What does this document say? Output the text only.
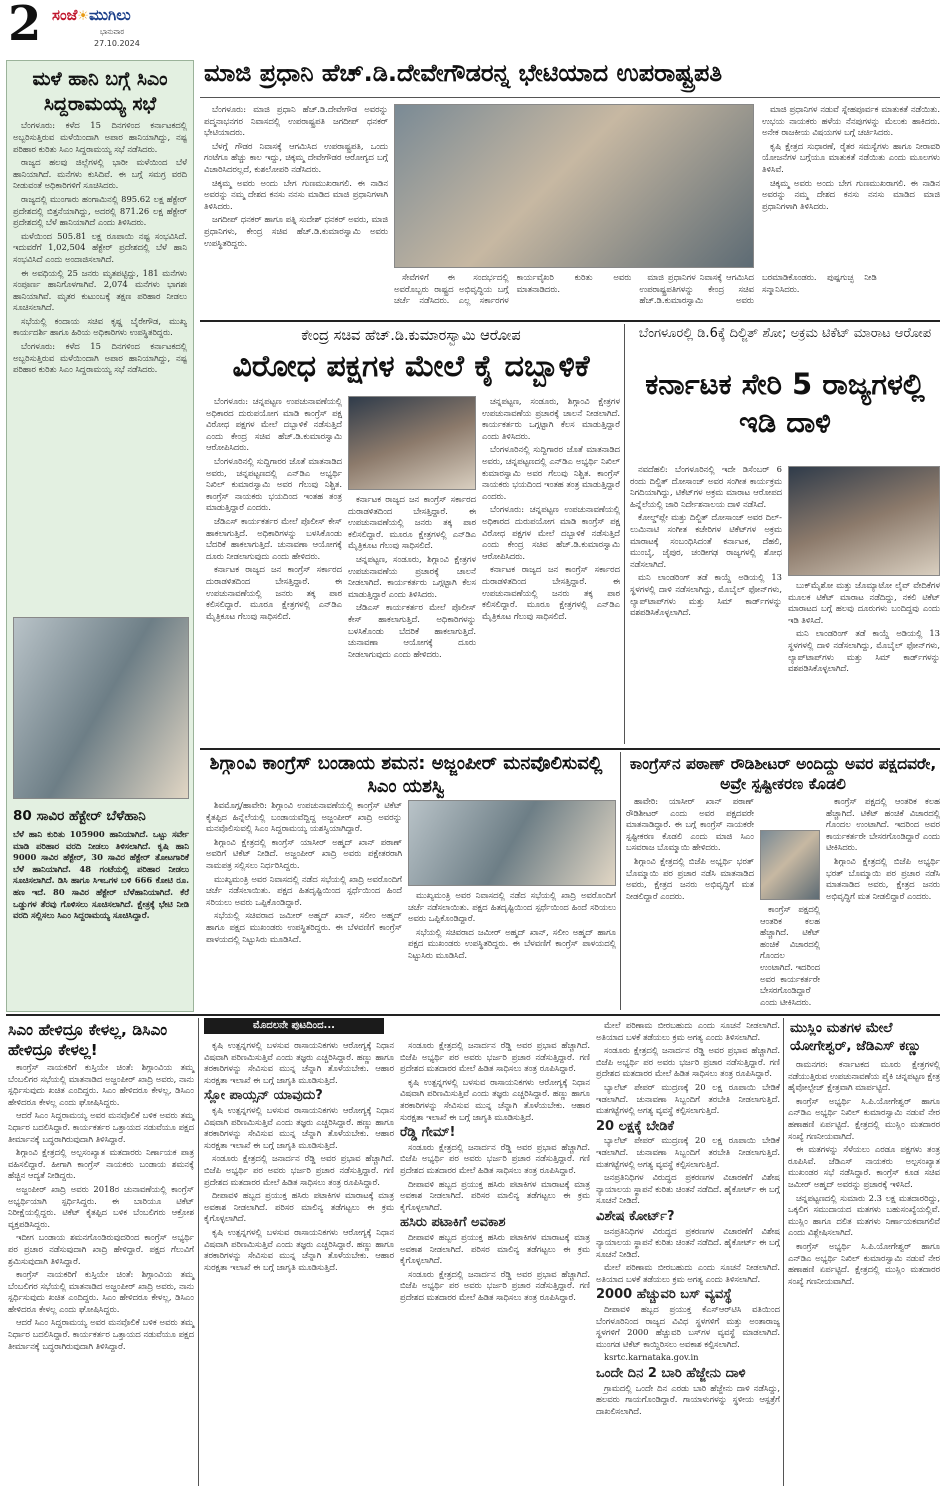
2 ಸಂಜೆ☀ಮುಗಿಲು
ಭಾನುವಾರ
27.10.2024
ಮಾಜಿ ಪ್ರಧಾನಿ ಹೆಚ್.ಡಿ.ದೇವೇಗೌಡರನ್ನ ಭೇಟಿಯಾದ ಉಪರಾಷ್ಟ್ರಪತಿ

ಬೆಂಗಳೂರು: ಮಾಜಿ ಪ್ರಧಾನಿ ಹೆಚ್.ಡಿ.ದೇವೇಗೌಡ ಅವರನ್ನು ಪದ್ಮನಾಭನಗರ ನಿವಾಸದಲ್ಲಿ ಉಪರಾಷ್ಟ್ರಪತಿ ಜಗದೀಪ್ ಧನಕರ್ ಭೇಟಿಯಾದರು.

ಬೆಳಗ್ಗೆ ಗೌಡರ ನಿವಾಸಕ್ಕೆ ಆಗಮಿಸಿದ ಉಪರಾಷ್ಟ್ರಪತಿ, ಒಂದು ಗಂಟೆಗೂ ಹೆಚ್ಚು ಕಾಲ ಇದ್ದು, ಚಿಕ್ಕಮ್ಮ ದೇವೇಗೌಡರ ಆರೋಗ್ಯದ ಬಗ್ಗೆ ವಿಚಾರಿಸಿದರಲ್ಲದೆ, ಕುಶಲೋಪರಿ ನಡೆಸಿದರು.

ಚಿಕ್ಕಮ್ಮ ಅವರು ಅಂದು ಬೇಗ ಗುಣಮುಖರಾಗಲಿ. ಈ ನಾಡಿನ ಅವರನ್ನು ನಮ್ಮ ದೇಶದ ಕನಸು ನನಸು ಮಾಡಿದ ಮಾಜಿ ಪ್ರಧಾನಿಗಳಾಗಿ ತಿಳಿಸಿದರು.

ಜಗದೀಪ್ ಧನಕರ್ ಹಾಗೂ ಪತ್ನಿ ಸುದೇಶ್ ಧನಕರ್ ಅವರು, ಮಾಜಿ ಪ್ರಧಾನಿಗಳು, ಕೇಂದ್ರ ಸಚಿವ ಹೆಚ್.ಡಿ.ಕುಮಾರಸ್ವಾಮಿ ಅವರು ಉಪಸ್ಥಿತರಿದ್ದರು.

ಸೇವೆಗಳಿಗೆ ಈ ಸಂದರ್ಭದಲ್ಲಿ ಅವರೊಬ್ಬರು ರಾಷ್ಟ್ರದ ಅಭಿವೃದ್ಧಿಯ ಬಗ್ಗೆ ಚರ್ಚೆ ನಡೆಸಿದರು. ಎಲ್ಲ ಸರ್ಕಾರಗಳ ಕಾರ್ಯವೈಖರಿ ಕುರಿತು ಅವರು ಮಾತನಾಡಿದರು.

ಮಾಜಿ ಪ್ರಧಾನಿಗಳ ನಿವಾಸಕ್ಕೆ ಆಗಮಿಸಿದ ಉಪರಾಷ್ಟ್ರಪತಿಗಳನ್ನು ಕೇಂದ್ರ ಸಚಿವ ಹೆಚ್.ಡಿ.ಕುಮಾರಸ್ವಾಮಿ ಅವರು ಬರಮಾಡಿಕೊಂಡರು. ಪುಷ್ಪಗುಚ್ಛ ನೀಡಿ ಸನ್ಮಾನಿಸಿದರು.

ಮಾಜಿ ಪ್ರಧಾನಿಗಳ ನಡುವೆ ಸ್ನೇಹಪೂರ್ವಕ ಮಾತುಕತೆ ನಡೆಯಿತು. ಉಭಯ ನಾಯಕರು ಹಳೆಯ ನೆನಪುಗಳನ್ನು ಮೆಲುಕು ಹಾಕಿದರು. ಅನೇಕ ರಾಜಕೀಯ ವಿಷಯಗಳ ಬಗ್ಗೆ ಚರ್ಚಿಸಿದರು.

ಕೃಷಿ ಕ್ಷೇತ್ರದ ಸುಧಾರಣೆ, ರೈತರ ಸಮಸ್ಯೆಗಳು ಹಾಗೂ ನೀರಾವರಿ ಯೋಜನೆಗಳ ಬಗ್ಗೆಯೂ ಮಾತುಕತೆ ನಡೆಯಿತು ಎಂದು ಮೂಲಗಳು ತಿಳಿಸಿವೆ.

ಚಿಕ್ಕಮ್ಮ ಅವರು ಅಂದು ಬೇಗ ಗುಣಮುಖರಾಗಲಿ. ಈ ನಾಡಿನ ಅವರನ್ನು ನಮ್ಮ ದೇಶದ ಕನಸು ನನಸು ಮಾಡಿದ ಮಾಜಿ ಪ್ರಧಾನಿಗಳಾಗಿ ತಿಳಿಸಿದರು.

ಮಳೆ ಹಾನಿ ಬಗ್ಗೆ ಸಿಎಂ ಸಿದ್ದರಾಮಯ್ಯ ಸಭೆ

ಬೆಂಗಳೂರು: ಕಳೆದ 15 ದಿನಗಳಿಂದ ಕರ್ನಾಟಕದಲ್ಲಿ ಅಬ್ಬರಿಸುತ್ತಿರುವ ಮಳೆಯಿಂದಾಗಿ ಅಪಾರ ಹಾನಿಯಾಗಿದ್ದು, ನಷ್ಟ ಪರಿಹಾರ ಕುರಿತು ಸಿಎಂ ಸಿದ್ದರಾಮಯ್ಯ ಸಭೆ ನಡೆಸಿದರು.

ರಾಜ್ಯದ ಹಲವು ಜಿಲ್ಲೆಗಳಲ್ಲಿ ಭಾರೀ ಮಳೆಯಿಂದ ಬೆಳೆ ಹಾನಿಯಾಗಿದೆ. ಮನೆಗಳು ಕುಸಿದಿವೆ. ಈ ಬಗ್ಗೆ ಸಮಗ್ರ ವರದಿ ನೀಡುವಂತೆ ಅಧಿಕಾರಿಗಳಿಗೆ ಸೂಚಿಸಿದರು.

ರಾಜ್ಯದಲ್ಲಿ ಮುಂಗಾರು ಹಂಗಾಮಿನಲ್ಲಿ 895.62 ಲಕ್ಷ ಹೆಕ್ಟೇರ್ ಪ್ರದೇಶದಲ್ಲಿ ಬಿತ್ತನೆಯಾಗಿದ್ದು, ಅದರಲ್ಲಿ 871.26 ಲಕ್ಷ ಹೆಕ್ಟೇರ್ ಪ್ರದೇಶದಲ್ಲಿ ಬೆಳೆ ಹಾನಿಯಾಗಿದೆ ಎಂದು ತಿಳಿಸಿದರು.

ಮಳೆಯಿಂದ 505.81 ಲಕ್ಷ ರೂಪಾಯಿ ನಷ್ಟ ಸಂಭವಿಸಿದೆ. ಇದುವರೆಗೆ 1,02,504 ಹೆಕ್ಟೇರ್ ಪ್ರದೇಶದಲ್ಲಿ ಬೆಳೆ ಹಾನಿ ಸಂಭವಿಸಿದೆ ಎಂದು ಅಂದಾಜಿಸಲಾಗಿದೆ.

ಈ ಅವಧಿಯಲ್ಲಿ 25 ಜನರು ಮೃತಪಟ್ಟಿದ್ದು, 181 ಮನೆಗಳು ಸಂಪೂರ್ಣ ಹಾನಿಗೊಳಗಾಗಿವೆ. 2,074 ಮನೆಗಳು ಭಾಗಶಃ ಹಾನಿಯಾಗಿವೆ. ಮೃತರ ಕುಟುಂಬಕ್ಕೆ ತಕ್ಷಣ ಪರಿಹಾರ ನೀಡಲು ಸೂಚಿಸಲಾಗಿದೆ.

ಸಭೆಯಲ್ಲಿ ಕಂದಾಯ ಸಚಿವ ಕೃಷ್ಣ ಬೈರೇಗೌಡ, ಮುಖ್ಯ ಕಾರ್ಯದರ್ಶಿ ಹಾಗೂ ಹಿರಿಯ ಅಧಿಕಾರಿಗಳು ಉಪಸ್ಥಿತರಿದ್ದರು.

ಬೆಂಗಳೂರು: ಕಳೆದ 15 ದಿನಗಳಿಂದ ಕರ್ನಾಟಕದಲ್ಲಿ ಅಬ್ಬರಿಸುತ್ತಿರುವ ಮಳೆಯಿಂದಾಗಿ ಅಪಾರ ಹಾನಿಯಾಗಿದ್ದು, ನಷ್ಟ ಪರಿಹಾರ ಕುರಿತು ಸಿಎಂ ಸಿದ್ದರಾಮಯ್ಯ ಸಭೆ ನಡೆಸಿದರು.

80 ಸಾವಿರ ಹೆಕ್ಟೇರ್ ಬೆಳೆಹಾನಿ
ಬೆಳೆ ಹಾನಿ ಕುರಿತು 105900 ಹಾನಿಯಾಗಿದೆ. ಒಟ್ಟು ಸರ್ವೇ ಮಾಡಿ ಪರಿಹಾರ ವರದಿ ನೀಡಲು ತಿಳಿಸಲಾಗಿದೆ. ಕೃಷಿ ಹಾನಿ 9000 ಸಾವಿರ ಹೆಕ್ಟೇರ್, 30 ಸಾವಿರ ಹೆಕ್ಟೇರ್ ತೋಟಗಾರಿಕೆ ಬೆಳೆ ಹಾನಿಯಾಗಿದೆ. 48 ಗಂಟೆಯಲ್ಲಿ ಪರಿಹಾರ ನೀಡಲು ಸೂಚಿಸಲಾಗಿದೆ. ಡಿಸಿ ಹಾಗೂ ಸಿಇಒಗಳ ಬಳಿ 666 ಕೋಟಿ ರೂ. ಹಣ ಇದೆ. 80 ಸಾವಿರ ಹೆಕ್ಟೇರ್ ಬೆಳೆಹಾನಿಯಾಗಿದೆ. ಕೆರೆ ಒಡ್ಡುಗಳ ತೆರವು ಗೊಳಿಸಲು ಸೂಚಿಸಲಾಗಿದೆ. ಕ್ಷೇತ್ರಕ್ಕೆ ಭೇಟಿ ನೀಡಿ ವರದಿ ಸಲ್ಲಿಸಲು ಸಿಎಂ ಸಿದ್ದರಾಮಯ್ಯ ಸೂಚಿಸಿದ್ದಾರೆ.
ಕೇಂದ್ರ ಸಚಿವ ಹೆಚ್.ಡಿ.ಕುಮಾರಸ್ವಾಮಿ ಆರೋಪ
ವಿರೋಧ ಪಕ್ಷಗಳ ಮೇಲೆ ಕೈ ದಬ್ಬಾಳಿಕೆ

ಬೆಂಗಳೂರು: ಚನ್ನಪಟ್ಟಣ ಉಪಚುನಾವಣೆಯಲ್ಲಿ ಅಧಿಕಾರದ ದುರುಪಯೋಗ ಮಾಡಿ ಕಾಂಗ್ರೆಸ್ ಪಕ್ಷ ವಿರೋಧ ಪಕ್ಷಗಳ ಮೇಲೆ ದಬ್ಬಾಳಿಕೆ ನಡೆಸುತ್ತಿದೆ ಎಂದು ಕೇಂದ್ರ ಸಚಿವ ಹೆಚ್.ಡಿ.ಕುಮಾರಸ್ವಾಮಿ ಆರೋಪಿಸಿದರು.

ಬೆಂಗಳೂರಿನಲ್ಲಿ ಸುದ್ದಿಗಾರರ ಜೊತೆ ಮಾತನಾಡಿದ ಅವರು, ಚನ್ನಪಟ್ಟಣದಲ್ಲಿ ಎನ್‌ಡಿಎ ಅಭ್ಯರ್ಥಿ ನಿಖಿಲ್ ಕುಮಾರಸ್ವಾಮಿ ಅವರ ಗೆಲುವು ನಿಶ್ಚಿತ. ಕಾಂಗ್ರೆಸ್ ನಾಯಕರು ಭಯದಿಂದ ಇಂತಹ ತಂತ್ರ ಮಾಡುತ್ತಿದ್ದಾರೆ ಎಂದರು.

ಜೆಡಿಎಸ್ ಕಾರ್ಯಕರ್ತರ ಮೇಲೆ ಪೊಲೀಸ್ ಕೇಸ್ ಹಾಕಲಾಗುತ್ತಿದೆ. ಅಧಿಕಾರಿಗಳನ್ನು ಬಳಸಿಕೊಂಡು ಬೆದರಿಕೆ ಹಾಕಲಾಗುತ್ತಿದೆ. ಚುನಾವಣಾ ಆಯೋಗಕ್ಕೆ ದೂರು ನೀಡಲಾಗುವುದು ಎಂದು ಹೇಳಿದರು.

ಕರ್ನಾಟಕ ರಾಜ್ಯದ ಜನ ಕಾಂಗ್ರೆಸ್ ಸರ್ಕಾರದ ದುರಾಡಳಿತದಿಂದ ಬೇಸತ್ತಿದ್ದಾರೆ. ಈ ಉಪಚುನಾವಣೆಯಲ್ಲಿ ಜನರು ತಕ್ಕ ಪಾಠ ಕಲಿಸಲಿದ್ದಾರೆ. ಮೂರೂ ಕ್ಷೇತ್ರಗಳಲ್ಲಿ ಎನ್‌ಡಿಎ ಮೈತ್ರಿಕೂಟ ಗೆಲುವು ಸಾಧಿಸಲಿದೆ.

ಕರ್ನಾಟಕ ರಾಜ್ಯದ ಜನ ಕಾಂಗ್ರೆಸ್ ಸರ್ಕಾರದ ದುರಾಡಳಿತದಿಂದ ಬೇಸತ್ತಿದ್ದಾರೆ. ಈ ಉಪಚುನಾವಣೆಯಲ್ಲಿ ಜನರು ತಕ್ಕ ಪಾಠ ಕಲಿಸಲಿದ್ದಾರೆ. ಮೂರೂ ಕ್ಷೇತ್ರಗಳಲ್ಲಿ ಎನ್‌ಡಿಎ ಮೈತ್ರಿಕೂಟ ಗೆಲುವು ಸಾಧಿಸಲಿದೆ.

ಚನ್ನಪಟ್ಟಣ, ಸಂಡೂರು, ಶಿಗ್ಗಾಂವಿ ಕ್ಷೇತ್ರಗಳ ಉಪಚುನಾವಣೆಯ ಪ್ರಚಾರಕ್ಕೆ ಚಾಲನೆ ನೀಡಲಾಗಿದೆ. ಕಾರ್ಯಕರ್ತರು ಒಗ್ಗಟ್ಟಾಗಿ ಕೆಲಸ ಮಾಡುತ್ತಿದ್ದಾರೆ ಎಂದು ತಿಳಿಸಿದರು.

ಜೆಡಿಎಸ್ ಕಾರ್ಯಕರ್ತರ ಮೇಲೆ ಪೊಲೀಸ್ ಕೇಸ್ ಹಾಕಲಾಗುತ್ತಿದೆ. ಅಧಿಕಾರಿಗಳನ್ನು ಬಳಸಿಕೊಂಡು ಬೆದರಿಕೆ ಹಾಕಲಾಗುತ್ತಿದೆ. ಚುನಾವಣಾ ಆಯೋಗಕ್ಕೆ ದೂರು ನೀಡಲಾಗುವುದು ಎಂದು ಹೇಳಿದರು.

ಚನ್ನಪಟ್ಟಣ, ಸಂಡೂರು, ಶಿಗ್ಗಾಂವಿ ಕ್ಷೇತ್ರಗಳ ಉಪಚುನಾವಣೆಯ ಪ್ರಚಾರಕ್ಕೆ ಚಾಲನೆ ನೀಡಲಾಗಿದೆ. ಕಾರ್ಯಕರ್ತರು ಒಗ್ಗಟ್ಟಾಗಿ ಕೆಲಸ ಮಾಡುತ್ತಿದ್ದಾರೆ ಎಂದು ತಿಳಿಸಿದರು.

ಬೆಂಗಳೂರಿನಲ್ಲಿ ಸುದ್ದಿಗಾರರ ಜೊತೆ ಮಾತನಾಡಿದ ಅವರು, ಚನ್ನಪಟ್ಟಣದಲ್ಲಿ ಎನ್‌ಡಿಎ ಅಭ್ಯರ್ಥಿ ನಿಖಿಲ್ ಕುಮಾರಸ್ವಾಮಿ ಅವರ ಗೆಲುವು ನಿಶ್ಚಿತ. ಕಾಂಗ್ರೆಸ್ ನಾಯಕರು ಭಯದಿಂದ ಇಂತಹ ತಂತ್ರ ಮಾಡುತ್ತಿದ್ದಾರೆ ಎಂದರು.

ಬೆಂಗಳೂರು: ಚನ್ನಪಟ್ಟಣ ಉಪಚುನಾವಣೆಯಲ್ಲಿ ಅಧಿಕಾರದ ದುರುಪಯೋಗ ಮಾಡಿ ಕಾಂಗ್ರೆಸ್ ಪಕ್ಷ ವಿರೋಧ ಪಕ್ಷಗಳ ಮೇಲೆ ದಬ್ಬಾಳಿಕೆ ನಡೆಸುತ್ತಿದೆ ಎಂದು ಕೇಂದ್ರ ಸಚಿವ ಹೆಚ್.ಡಿ.ಕುಮಾರಸ್ವಾಮಿ ಆರೋಪಿಸಿದರು.

ಕರ್ನಾಟಕ ರಾಜ್ಯದ ಜನ ಕಾಂಗ್ರೆಸ್ ಸರ್ಕಾರದ ದುರಾಡಳಿತದಿಂದ ಬೇಸತ್ತಿದ್ದಾರೆ. ಈ ಉಪಚುನಾವಣೆಯಲ್ಲಿ ಜನರು ತಕ್ಕ ಪಾಠ ಕಲಿಸಲಿದ್ದಾರೆ. ಮೂರೂ ಕ್ಷೇತ್ರಗಳಲ್ಲಿ ಎನ್‌ಡಿಎ ಮೈತ್ರಿಕೂಟ ಗೆಲುವು ಸಾಧಿಸಲಿದೆ.

ಬೆಂಗಳೂರಲ್ಲಿ ಡಿ.6ಕ್ಕೆ ದಿಲ್ಜಿತ್ ಶೋ; ಅಕ್ರಮ ಟಿಕೆಟ್ ಮಾರಾಟ ಆರೋಪ
ಕರ್ನಾಟಕ ಸೇರಿ 5 ರಾಜ್ಯಗಳಲ್ಲಿ ಇಡಿ ದಾಳಿ

ನವದೆಹಲಿ: ಬೆಂಗಳೂರಿನಲ್ಲಿ ಇದೇ ಡಿಸೆಂಬರ್ 6 ರಂದು ದಿಲ್ಜಿತ್ ದೋಸಾಂಜ್ ಅವರ ಸಂಗೀತ ಕಾರ್ಯಕ್ರಮ ನಿಗದಿಯಾಗಿದ್ದು, ಟಿಕೆಟ್‌ಗಳ ಅಕ್ರಮ ಮಾರಾಟ ಆರೋಪದ ಹಿನ್ನೆಲೆಯಲ್ಲಿ ಜಾರಿ ನಿರ್ದೇಶನಾಲಯ ದಾಳಿ ನಡೆಸಿದೆ.

ಕೋಲ್ಡ್‌ಪ್ಲೇ ಮತ್ತು ದಿಲ್ಜಿತ್ ದೋಸಾಂಜ್ ಅವರ ದಿಲ್-ಲುಮಿನಾಟಿ ಸಂಗೀತ ಕಚೇರಿಗಳ ಟಿಕೆಟ್‌ಗಳ ಅಕ್ರಮ ಮಾರಾಟಕ್ಕೆ ಸಂಬಂಧಿಸಿದಂತೆ ಕರ್ನಾಟಕ, ದೆಹಲಿ, ಮುಂಬೈ, ಜೈಪುರ, ಚಂಡೀಗಢ ರಾಜ್ಯಗಳಲ್ಲಿ ಶೋಧ ನಡೆಸಲಾಗಿದೆ.

ಮನಿ ಲಾಂಡರಿಂಗ್ ತಡೆ ಕಾಯ್ದೆ ಅಡಿಯಲ್ಲಿ 13 ಸ್ಥಳಗಳಲ್ಲಿ ದಾಳಿ ನಡೆಸಲಾಗಿದ್ದು, ಮೊಬೈಲ್ ಫೋನ್‌ಗಳು, ಲ್ಯಾಪ್‌ಟಾಪ್‌ಗಳು ಮತ್ತು ಸಿಮ್ ಕಾರ್ಡ್‌ಗಳನ್ನು ವಶಪಡಿಸಿಕೊಳ್ಳಲಾಗಿದೆ.

ಬುಕ್‌ಮೈಶೋ ಮತ್ತು ಜೊಮ್ಯಾಟೋ ಲೈವ್ ವೇದಿಕೆಗಳ ಮೂಲಕ ಟಿಕೆಟ್ ಮಾರಾಟ ನಡೆದಿದ್ದು, ನಕಲಿ ಟಿಕೆಟ್ ಮಾರಾಟದ ಬಗ್ಗೆ ಹಲವು ದೂರುಗಳು ಬಂದಿದ್ದವು ಎಂದು ಇಡಿ ತಿಳಿಸಿದೆ.

ಮನಿ ಲಾಂಡರಿಂಗ್ ತಡೆ ಕಾಯ್ದೆ ಅಡಿಯಲ್ಲಿ 13 ಸ್ಥಳಗಳಲ್ಲಿ ದಾಳಿ ನಡೆಸಲಾಗಿದ್ದು, ಮೊಬೈಲ್ ಫೋನ್‌ಗಳು, ಲ್ಯಾಪ್‌ಟಾಪ್‌ಗಳು ಮತ್ತು ಸಿಮ್ ಕಾರ್ಡ್‌ಗಳನ್ನು ವಶಪಡಿಸಿಕೊಳ್ಳಲಾಗಿದೆ.

ಶಿಗ್ಗಾಂವಿ ಕಾಂಗ್ರೆಸ್ ಬಂಡಾಯ ಶಮನ: ಅಜ್ಜಂಪೀರ್ ಮನವೊಲಿಸುವಲ್ಲಿ ಸಿಎಂ ಯಶಸ್ವಿ

ಶಿವಮೊಗ್ಗ/ಹಾವೇರಿ: ಶಿಗ್ಗಾಂವಿ ಉಪಚುನಾವಣೆಯಲ್ಲಿ ಕಾಂಗ್ರೆಸ್ ಟಿಕೆಟ್ ಕೈತಪ್ಪಿದ ಹಿನ್ನೆಲೆಯಲ್ಲಿ ಬಂಡಾಯವೆದ್ದಿದ್ದ ಅಜ್ಜಂಪೀರ್ ಖಾದ್ರಿ ಅವರನ್ನು ಮನವೊಲಿಸುವಲ್ಲಿ ಸಿಎಂ ಸಿದ್ದರಾಮಯ್ಯ ಯಶಸ್ವಿಯಾಗಿದ್ದಾರೆ.

ಶಿಗ್ಗಾಂವಿ ಕ್ಷೇತ್ರದಲ್ಲಿ ಕಾಂಗ್ರೆಸ್ ಯಾಸೀರ್ ಅಹ್ಮದ್ ಖಾನ್ ಪಠಾಣ್ ಅವರಿಗೆ ಟಿಕೆಟ್ ನೀಡಿದೆ. ಅಜ್ಜಂಪೀರ್ ಖಾದ್ರಿ ಅವರು ಪಕ್ಷೇತರರಾಗಿ ನಾಮಪತ್ರ ಸಲ್ಲಿಸಲು ನಿರ್ಧರಿಸಿದ್ದರು.

ಮುಖ್ಯಮಂತ್ರಿ ಅವರ ನಿವಾಸದಲ್ಲಿ ನಡೆದ ಸಭೆಯಲ್ಲಿ ಖಾದ್ರಿ ಅವರೊಂದಿಗೆ ಚರ್ಚೆ ನಡೆಸಲಾಯಿತು. ಪಕ್ಷದ ಹಿತದೃಷ್ಟಿಯಿಂದ ಸ್ಪರ್ಧೆಯಿಂದ ಹಿಂದೆ ಸರಿಯಲು ಅವರು ಒಪ್ಪಿಕೊಂಡಿದ್ದಾರೆ.

ಸಭೆಯಲ್ಲಿ ಸಚಿವರಾದ ಜಮೀರ್ ಅಹ್ಮದ್ ಖಾನ್, ಸಲೀಂ ಅಹ್ಮದ್ ಹಾಗೂ ಪಕ್ಷದ ಮುಖಂಡರು ಉಪಸ್ಥಿತರಿದ್ದರು. ಈ ಬೆಳವಣಿಗೆ ಕಾಂಗ್ರೆಸ್ ಪಾಳಯದಲ್ಲಿ ನಿಟ್ಟುಸಿರು ಮೂಡಿಸಿದೆ.

ಮುಖ್ಯಮಂತ್ರಿ ಅವರ ನಿವಾಸದಲ್ಲಿ ನಡೆದ ಸಭೆಯಲ್ಲಿ ಖಾದ್ರಿ ಅವರೊಂದಿಗೆ ಚರ್ಚೆ ನಡೆಸಲಾಯಿತು. ಪಕ್ಷದ ಹಿತದೃಷ್ಟಿಯಿಂದ ಸ್ಪರ್ಧೆಯಿಂದ ಹಿಂದೆ ಸರಿಯಲು ಅವರು ಒಪ್ಪಿಕೊಂಡಿದ್ದಾರೆ.

ಸಭೆಯಲ್ಲಿ ಸಚಿವರಾದ ಜಮೀರ್ ಅಹ್ಮದ್ ಖಾನ್, ಸಲೀಂ ಅಹ್ಮದ್ ಹಾಗೂ ಪಕ್ಷದ ಮುಖಂಡರು ಉಪಸ್ಥಿತರಿದ್ದರು. ಈ ಬೆಳವಣಿಗೆ ಕಾಂಗ್ರೆಸ್ ಪಾಳಯದಲ್ಲಿ ನಿಟ್ಟುಸಿರು ಮೂಡಿಸಿದೆ.

ಕಾಂಗ್ರೆಸ್‌ನ ಪಠಾಣ್ ರೌಡಿಶೀಟರ್ ಅಂದಿದ್ದು ಅವರ ಪಕ್ಷದವರೇ, ಅವ್ರೇ ಸ್ಪಷ್ಟೀಕರಣ ಕೊಡಲಿ

ಹಾವೇರಿ: ಯಾಸೀರ್ ಖಾನ್ ಪಠಾಣ್ ರೌಡಿಶೀಟರ್ ಎಂದು ಅವರ ಪಕ್ಷದವರೇ ಮಾತನಾಡಿದ್ದಾರೆ. ಈ ಬಗ್ಗೆ ಕಾಂಗ್ರೆಸ್ ನಾಯಕರೇ ಸ್ಪಷ್ಟೀಕರಣ ಕೊಡಲಿ ಎಂದು ಮಾಜಿ ಸಿಎಂ ಬಸವರಾಜ ಬೊಮ್ಮಾಯಿ ಹೇಳಿದರು.

ಶಿಗ್ಗಾಂವಿ ಕ್ಷೇತ್ರದಲ್ಲಿ ಬಿಜೆಪಿ ಅಭ್ಯರ್ಥಿ ಭರತ್ ಬೊಮ್ಮಾಯಿ ಪರ ಪ್ರಚಾರ ನಡೆಸಿ ಮಾತನಾಡಿದ ಅವರು, ಕ್ಷೇತ್ರದ ಜನರು ಅಭಿವೃದ್ಧಿಗೆ ಮತ ನೀಡಲಿದ್ದಾರೆ ಎಂದರು.

ಕಾಂಗ್ರೆಸ್ ಪಕ್ಷದಲ್ಲಿ ಆಂತರಿಕ ಕಲಹ ಹೆಚ್ಚಾಗಿದೆ. ಟಿಕೆಟ್ ಹಂಚಿಕೆ ವಿಚಾರದಲ್ಲಿ ಗೊಂದಲ ಉಂಟಾಗಿದೆ. ಇದರಿಂದ ಅವರ ಕಾರ್ಯಕರ್ತರೇ ಬೇಸರಗೊಂಡಿದ್ದಾರೆ ಎಂದು ಟೀಕಿಸಿದರು.

ಕಾಂಗ್ರೆಸ್ ಪಕ್ಷದಲ್ಲಿ ಆಂತರಿಕ ಕಲಹ ಹೆಚ್ಚಾಗಿದೆ. ಟಿಕೆಟ್ ಹಂಚಿಕೆ ವಿಚಾರದಲ್ಲಿ ಗೊಂದಲ ಉಂಟಾಗಿದೆ. ಇದರಿಂದ ಅವರ ಕಾರ್ಯಕರ್ತರೇ ಬೇಸರಗೊಂಡಿದ್ದಾರೆ ಎಂದು ಟೀಕಿಸಿದರು.

ಶಿಗ್ಗಾಂವಿ ಕ್ಷೇತ್ರದಲ್ಲಿ ಬಿಜೆಪಿ ಅಭ್ಯರ್ಥಿ ಭರತ್ ಬೊಮ್ಮಾಯಿ ಪರ ಪ್ರಚಾರ ನಡೆಸಿ ಮಾತನಾಡಿದ ಅವರು, ಕ್ಷೇತ್ರದ ಜನರು ಅಭಿವೃದ್ಧಿಗೆ ಮತ ನೀಡಲಿದ್ದಾರೆ ಎಂದರು.

ಸಿಎಂ ಹೇಳಿದ್ರೂ ಕೇಳಲ್ಲ, ಡಿಸಿಎಂ ಹೇಳಿದ್ರೂ ಕೇಳಲ್ಲ!

ಕಾಂಗ್ರೆಸ್ ನಾಯಕರಿಗೆ ಕುಸ್ತಿಯೇ ಚಿಂತೆ: ಶಿಗ್ಗಾಂವಿಯ ತಮ್ಮ ಬೆಂಬಲಿಗರ ಸಭೆಯಲ್ಲಿ ಮಾತನಾಡಿದ ಅಜ್ಜಂಪೀರ್ ಖಾದ್ರಿ ಅವರು, ನಾನು ಸ್ಪರ್ಧಿಸುವುದು ಖಚಿತ ಎಂದಿದ್ದರು. ಸಿಎಂ ಹೇಳಿದರೂ ಕೇಳಲ್ಲ, ಡಿಸಿಎಂ ಹೇಳಿದರೂ ಕೇಳಲ್ಲ ಎಂದು ಘೋಷಿಸಿದ್ದರು.

ಆದರೆ ಸಿಎಂ ಸಿದ್ದರಾಮಯ್ಯ ಅವರ ಮನವೊಲಿಕೆ ಬಳಿಕ ಅವರು ತಮ್ಮ ನಿರ್ಧಾರ ಬದಲಿಸಿದ್ದಾರೆ. ಕಾರ್ಯಕರ್ತರ ಒತ್ತಾಯದ ನಡುವೆಯೂ ಪಕ್ಷದ ತೀರ್ಮಾನಕ್ಕೆ ಬದ್ಧರಾಗಿರುವುದಾಗಿ ತಿಳಿಸಿದ್ದಾರೆ.

ಶಿಗ್ಗಾಂವಿ ಕ್ಷೇತ್ರದಲ್ಲಿ ಅಲ್ಪಸಂಖ್ಯಾತ ಮತದಾರರು ನಿರ್ಣಾಯಕ ಪಾತ್ರ ವಹಿಸಲಿದ್ದಾರೆ. ಹೀಗಾಗಿ ಕಾಂಗ್ರೆಸ್ ನಾಯಕರು ಬಂಡಾಯ ಶಮನಕ್ಕೆ ಹೆಚ್ಚಿನ ಆದ್ಯತೆ ನೀಡಿದ್ದರು.

ಅಜ್ಜಂಪೀರ್ ಖಾದ್ರಿ ಅವರು 2018ರ ಚುನಾವಣೆಯಲ್ಲಿ ಕಾಂಗ್ರೆಸ್ ಅಭ್ಯರ್ಥಿಯಾಗಿ ಸ್ಪರ್ಧಿಸಿದ್ದರು. ಈ ಬಾರಿಯೂ ಟಿಕೆಟ್ ನಿರೀಕ್ಷೆಯಲ್ಲಿದ್ದರು. ಟಿಕೆಟ್ ಕೈತಪ್ಪಿದ ಬಳಿಕ ಬೆಂಬಲಿಗರು ಆಕ್ರೋಶ ವ್ಯಕ್ತಪಡಿಸಿದ್ದರು.

ಇದೀಗ ಬಂಡಾಯ ಶಮನಗೊಂಡಿರುವುದರಿಂದ ಕಾಂಗ್ರೆಸ್ ಅಭ್ಯರ್ಥಿ ಪರ ಪ್ರಚಾರ ನಡೆಸುವುದಾಗಿ ಖಾದ್ರಿ ಹೇಳಿದ್ದಾರೆ. ಪಕ್ಷದ ಗೆಲುವಿಗೆ ಶ್ರಮಿಸುವುದಾಗಿ ತಿಳಿಸಿದ್ದಾರೆ.

ಕಾಂಗ್ರೆಸ್ ನಾಯಕರಿಗೆ ಕುಸ್ತಿಯೇ ಚಿಂತೆ: ಶಿಗ್ಗಾಂವಿಯ ತಮ್ಮ ಬೆಂಬಲಿಗರ ಸಭೆಯಲ್ಲಿ ಮಾತನಾಡಿದ ಅಜ್ಜಂಪೀರ್ ಖಾದ್ರಿ ಅವರು, ನಾನು ಸ್ಪರ್ಧಿಸುವುದು ಖಚಿತ ಎಂದಿದ್ದರು. ಸಿಎಂ ಹೇಳಿದರೂ ಕೇಳಲ್ಲ, ಡಿಸಿಎಂ ಹೇಳಿದರೂ ಕೇಳಲ್ಲ ಎಂದು ಘೋಷಿಸಿದ್ದರು.

ಆದರೆ ಸಿಎಂ ಸಿದ್ದರಾಮಯ್ಯ ಅವರ ಮನವೊಲಿಕೆ ಬಳಿಕ ಅವರು ತಮ್ಮ ನಿರ್ಧಾರ ಬದಲಿಸಿದ್ದಾರೆ. ಕಾರ್ಯಕರ್ತರ ಒತ್ತಾಯದ ನಡುವೆಯೂ ಪಕ್ಷದ ತೀರ್ಮಾನಕ್ಕೆ ಬದ್ಧರಾಗಿರುವುದಾಗಿ ತಿಳಿಸಿದ್ದಾರೆ.

ಮೊದಲನೇ ಪುಟದಿಂದ...

ಕೃಷಿ ಉತ್ಪನ್ನಗಳಲ್ಲಿ ಬಳಸುವ ರಾಸಾಯನಿಕಗಳು ಆರೋಗ್ಯಕ್ಕೆ ನಿಧಾನ ವಿಷವಾಗಿ ಪರಿಣಮಿಸುತ್ತಿವೆ ಎಂದು ತಜ್ಞರು ಎಚ್ಚರಿಸಿದ್ದಾರೆ. ಹಣ್ಣು ಹಾಗೂ ತರಕಾರಿಗಳನ್ನು ಸೇವಿಸುವ ಮುನ್ನ ಚೆನ್ನಾಗಿ ತೊಳೆಯಬೇಕು. ಆಹಾರ ಸುರಕ್ಷತಾ ಇಲಾಖೆ ಈ ಬಗ್ಗೆ ಜಾಗೃತಿ ಮೂಡಿಸುತ್ತಿದೆ.

ಸ್ಲೋ ಪಾಯ್ಸನ್ ಯಾವುದು?

ಕೃಷಿ ಉತ್ಪನ್ನಗಳಲ್ಲಿ ಬಳಸುವ ರಾಸಾಯನಿಕಗಳು ಆರೋಗ್ಯಕ್ಕೆ ನಿಧಾನ ವಿಷವಾಗಿ ಪರಿಣಮಿಸುತ್ತಿವೆ ಎಂದು ತಜ್ಞರು ಎಚ್ಚರಿಸಿದ್ದಾರೆ. ಹಣ್ಣು ಹಾಗೂ ತರಕಾರಿಗಳನ್ನು ಸೇವಿಸುವ ಮುನ್ನ ಚೆನ್ನಾಗಿ ತೊಳೆಯಬೇಕು. ಆಹಾರ ಸುರಕ್ಷತಾ ಇಲಾಖೆ ಈ ಬಗ್ಗೆ ಜಾಗೃತಿ ಮೂಡಿಸುತ್ತಿದೆ.

ಸಂಡೂರು ಕ್ಷೇತ್ರದಲ್ಲಿ ಜನಾರ್ದನ ರೆಡ್ಡಿ ಅವರ ಪ್ರಭಾವ ಹೆಚ್ಚಾಗಿದೆ. ಬಿಜೆಪಿ ಅಭ್ಯರ್ಥಿ ಪರ ಅವರು ಭರ್ಜರಿ ಪ್ರಚಾರ ನಡೆಸುತ್ತಿದ್ದಾರೆ. ಗಣಿ ಪ್ರದೇಶದ ಮತದಾರರ ಮೇಲೆ ಹಿಡಿತ ಸಾಧಿಸಲು ತಂತ್ರ ರೂಪಿಸಿದ್ದಾರೆ.

ದೀಪಾವಳಿ ಹಬ್ಬದ ಪ್ರಯುಕ್ತ ಹಸಿರು ಪಟಾಕಿಗಳ ಮಾರಾಟಕ್ಕೆ ಮಾತ್ರ ಅವಕಾಶ ನೀಡಲಾಗಿದೆ. ಪರಿಸರ ಮಾಲಿನ್ಯ ತಡೆಗಟ್ಟಲು ಈ ಕ್ರಮ ಕೈಗೊಳ್ಳಲಾಗಿದೆ.

ಕೃಷಿ ಉತ್ಪನ್ನಗಳಲ್ಲಿ ಬಳಸುವ ರಾಸಾಯನಿಕಗಳು ಆರೋಗ್ಯಕ್ಕೆ ನಿಧಾನ ವಿಷವಾಗಿ ಪರಿಣಮಿಸುತ್ತಿವೆ ಎಂದು ತಜ್ಞರು ಎಚ್ಚರಿಸಿದ್ದಾರೆ. ಹಣ್ಣು ಹಾಗೂ ತರಕಾರಿಗಳನ್ನು ಸೇವಿಸುವ ಮುನ್ನ ಚೆನ್ನಾಗಿ ತೊಳೆಯಬೇಕು. ಆಹಾರ ಸುರಕ್ಷತಾ ಇಲಾಖೆ ಈ ಬಗ್ಗೆ ಜಾಗೃತಿ ಮೂಡಿಸುತ್ತಿದೆ.

ಸಂಡೂರು ಕ್ಷೇತ್ರದಲ್ಲಿ ಜನಾರ್ದನ ರೆಡ್ಡಿ ಅವರ ಪ್ರಭಾವ ಹೆಚ್ಚಾಗಿದೆ. ಬಿಜೆಪಿ ಅಭ್ಯರ್ಥಿ ಪರ ಅವರು ಭರ್ಜರಿ ಪ್ರಚಾರ ನಡೆಸುತ್ತಿದ್ದಾರೆ. ಗಣಿ ಪ್ರದೇಶದ ಮತದಾರರ ಮೇಲೆ ಹಿಡಿತ ಸಾಧಿಸಲು ತಂತ್ರ ರೂಪಿಸಿದ್ದಾರೆ.

ಕೃಷಿ ಉತ್ಪನ್ನಗಳಲ್ಲಿ ಬಳಸುವ ರಾಸಾಯನಿಕಗಳು ಆರೋಗ್ಯಕ್ಕೆ ನಿಧಾನ ವಿಷವಾಗಿ ಪರಿಣಮಿಸುತ್ತಿವೆ ಎಂದು ತಜ್ಞರು ಎಚ್ಚರಿಸಿದ್ದಾರೆ. ಹಣ್ಣು ಹಾಗೂ ತರಕಾರಿಗಳನ್ನು ಸೇವಿಸುವ ಮುನ್ನ ಚೆನ್ನಾಗಿ ತೊಳೆಯಬೇಕು. ಆಹಾರ ಸುರಕ್ಷತಾ ಇಲಾಖೆ ಈ ಬಗ್ಗೆ ಜಾಗೃತಿ ಮೂಡಿಸುತ್ತಿದೆ.

ರೆಡ್ಡಿ ಗೇಮ್!

ಸಂಡೂರು ಕ್ಷೇತ್ರದಲ್ಲಿ ಜನಾರ್ದನ ರೆಡ್ಡಿ ಅವರ ಪ್ರಭಾವ ಹೆಚ್ಚಾಗಿದೆ. ಬಿಜೆಪಿ ಅಭ್ಯರ್ಥಿ ಪರ ಅವರು ಭರ್ಜರಿ ಪ್ರಚಾರ ನಡೆಸುತ್ತಿದ್ದಾರೆ. ಗಣಿ ಪ್ರದೇಶದ ಮತದಾರರ ಮೇಲೆ ಹಿಡಿತ ಸಾಧಿಸಲು ತಂತ್ರ ರೂಪಿಸಿದ್ದಾರೆ.

ದೀಪಾವಳಿ ಹಬ್ಬದ ಪ್ರಯುಕ್ತ ಹಸಿರು ಪಟಾಕಿಗಳ ಮಾರಾಟಕ್ಕೆ ಮಾತ್ರ ಅವಕಾಶ ನೀಡಲಾಗಿದೆ. ಪರಿಸರ ಮಾಲಿನ್ಯ ತಡೆಗಟ್ಟಲು ಈ ಕ್ರಮ ಕೈಗೊಳ್ಳಲಾಗಿದೆ.

ಹಸಿರು ಪಟಾಕಿಗೆ ಅವಕಾಶ

ದೀಪಾವಳಿ ಹಬ್ಬದ ಪ್ರಯುಕ್ತ ಹಸಿರು ಪಟಾಕಿಗಳ ಮಾರಾಟಕ್ಕೆ ಮಾತ್ರ ಅವಕಾಶ ನೀಡಲಾಗಿದೆ. ಪರಿಸರ ಮಾಲಿನ್ಯ ತಡೆಗಟ್ಟಲು ಈ ಕ್ರಮ ಕೈಗೊಳ್ಳಲಾಗಿದೆ.

ಸಂಡೂರು ಕ್ಷೇತ್ರದಲ್ಲಿ ಜನಾರ್ದನ ರೆಡ್ಡಿ ಅವರ ಪ್ರಭಾವ ಹೆಚ್ಚಾಗಿದೆ. ಬಿಜೆಪಿ ಅಭ್ಯರ್ಥಿ ಪರ ಅವರು ಭರ್ಜರಿ ಪ್ರಚಾರ ನಡೆಸುತ್ತಿದ್ದಾರೆ. ಗಣಿ ಪ್ರದೇಶದ ಮತದಾರರ ಮೇಲೆ ಹಿಡಿತ ಸಾಧಿಸಲು ತಂತ್ರ ರೂಪಿಸಿದ್ದಾರೆ.

ಮೇಲೆ ಪರಿಣಾಮ ಬೀರಬಹುದು ಎಂದು ಸೂಚನೆ ನೀಡಲಾಗಿದೆ. ಅತಿಯಾದ ಬಳಕೆ ತಡೆಯಲು ಕ್ರಮ ಅಗತ್ಯ ಎಂದು ತಿಳಿಸಲಾಗಿದೆ.

ಸಂಡೂರು ಕ್ಷೇತ್ರದಲ್ಲಿ ಜನಾರ್ದನ ರೆಡ್ಡಿ ಅವರ ಪ್ರಭಾವ ಹೆಚ್ಚಾಗಿದೆ. ಬಿಜೆಪಿ ಅಭ್ಯರ್ಥಿ ಪರ ಅವರು ಭರ್ಜರಿ ಪ್ರಚಾರ ನಡೆಸುತ್ತಿದ್ದಾರೆ. ಗಣಿ ಪ್ರದೇಶದ ಮತದಾರರ ಮೇಲೆ ಹಿಡಿತ ಸಾಧಿಸಲು ತಂತ್ರ ರೂಪಿಸಿದ್ದಾರೆ.

ಬ್ಯಾಲೆಟ್ ಪೇಪರ್ ಮುದ್ರಣಕ್ಕೆ 20 ಲಕ್ಷ ರೂಪಾಯಿ ಬೇಡಿಕೆ ಇಡಲಾಗಿದೆ. ಚುನಾವಣಾ ಸಿಬ್ಬಂದಿಗೆ ತರಬೇತಿ ನೀಡಲಾಗುತ್ತಿದೆ. ಮತಗಟ್ಟೆಗಳಲ್ಲಿ ಅಗತ್ಯ ವ್ಯವಸ್ಥೆ ಕಲ್ಪಿಸಲಾಗುತ್ತಿದೆ.

20 ಲಕ್ಷಕ್ಕೆ ಬೇಡಿಕೆ

ಬ್ಯಾಲೆಟ್ ಪೇಪರ್ ಮುದ್ರಣಕ್ಕೆ 20 ಲಕ್ಷ ರೂಪಾಯಿ ಬೇಡಿಕೆ ಇಡಲಾಗಿದೆ. ಚುನಾವಣಾ ಸಿಬ್ಬಂದಿಗೆ ತರಬೇತಿ ನೀಡಲಾಗುತ್ತಿದೆ. ಮತಗಟ್ಟೆಗಳಲ್ಲಿ ಅಗತ್ಯ ವ್ಯವಸ್ಥೆ ಕಲ್ಪಿಸಲಾಗುತ್ತಿದೆ.

ಜನಪ್ರತಿನಿಧಿಗಳ ವಿರುದ್ಧದ ಪ್ರಕರಣಗಳ ವಿಚಾರಣೆಗೆ ವಿಶೇಷ ನ್ಯಾಯಾಲಯ ಸ್ಥಾಪನೆ ಕುರಿತು ಚಿಂತನೆ ನಡೆದಿದೆ. ಹೈಕೋರ್ಟ್ ಈ ಬಗ್ಗೆ ಸೂಚನೆ ನೀಡಿದೆ.

ವಿಶೇಷ ಕೋರ್ಟ್?

ಜನಪ್ರತಿನಿಧಿಗಳ ವಿರುದ್ಧದ ಪ್ರಕರಣಗಳ ವಿಚಾರಣೆಗೆ ವಿಶೇಷ ನ್ಯಾಯಾಲಯ ಸ್ಥಾಪನೆ ಕುರಿತು ಚಿಂತನೆ ನಡೆದಿದೆ. ಹೈಕೋರ್ಟ್ ಈ ಬಗ್ಗೆ ಸೂಚನೆ ನೀಡಿದೆ.

ಮೇಲೆ ಪರಿಣಾಮ ಬೀರಬಹುದು ಎಂದು ಸೂಚನೆ ನೀಡಲಾಗಿದೆ. ಅತಿಯಾದ ಬಳಕೆ ತಡೆಯಲು ಕ್ರಮ ಅಗತ್ಯ ಎಂದು ತಿಳಿಸಲಾಗಿದೆ.

2000 ಹೆಚ್ಚುವರಿ ಬಸ್ ವ್ಯವಸ್ಥೆ

ದೀಪಾವಳಿ ಹಬ್ಬದ ಪ್ರಯುಕ್ತ ಕೆಎಸ್‌ಆರ್‌ಟಿಸಿ ವತಿಯಿಂದ ಬೆಂಗಳೂರಿನಿಂದ ರಾಜ್ಯದ ವಿವಿಧ ಸ್ಥಳಗಳಿಗೆ ಮತ್ತು ಅಂತಾರಾಜ್ಯ ಸ್ಥಳಗಳಿಗೆ 2000 ಹೆಚ್ಚುವರಿ ಬಸ್‌ಗಳ ವ್ಯವಸ್ಥೆ ಮಾಡಲಾಗಿದೆ. ಮುಂಗಡ ಟಿಕೆಟ್ ಕಾಯ್ದಿರಿಸಲು ಅವಕಾಶ ಕಲ್ಪಿಸಲಾಗಿದೆ.

ksrtc.karnataka.gov.in

ಒಂದೇ ದಿನ 2 ಬಾರಿ ಹೆಜ್ಜೇನು ದಾಳಿ

ಗ್ರಾಮದಲ್ಲಿ ಒಂದೇ ದಿನ ಎರಡು ಬಾರಿ ಹೆಜ್ಜೇನು ದಾಳಿ ನಡೆಸಿದ್ದು, ಹಲವರು ಗಾಯಗೊಂಡಿದ್ದಾರೆ. ಗಾಯಾಳುಗಳನ್ನು ಸ್ಥಳೀಯ ಆಸ್ಪತ್ರೆಗೆ ದಾಖಲಿಸಲಾಗಿದೆ.

ಮುಸ್ಲಿಂ ಮತಗಳ ಮೇಲೆ ಯೋಗೇಶ್ವರ್, ಜೆಡಿಎಸ್ ಕಣ್ಣು

ರಾಮನಗರ: ಕರ್ನಾಟಕದ ಮೂರು ಕ್ಷೇತ್ರಗಳಲ್ಲಿ ನಡೆಯುತ್ತಿರುವ ಉಪಚುನಾವಣೆಯ ಪೈಕಿ ಚನ್ನಪಟ್ಟಣ ಕ್ಷೇತ್ರ ಹೈವೋಲ್ಟೇಜ್ ಕ್ಷೇತ್ರವಾಗಿ ಮಾರ್ಪಟ್ಟಿದೆ.

ಕಾಂಗ್ರೆಸ್ ಅಭ್ಯರ್ಥಿ ಸಿ.ಪಿ.ಯೋಗೇಶ್ವರ್ ಹಾಗೂ ಎನ್‌ಡಿಎ ಅಭ್ಯರ್ಥಿ ನಿಖಿಲ್ ಕುಮಾರಸ್ವಾಮಿ ನಡುವೆ ನೇರ ಹಣಾಹಣಿ ಏರ್ಪಟ್ಟಿದೆ. ಕ್ಷೇತ್ರದಲ್ಲಿ ಮುಸ್ಲಿಂ ಮತದಾರರ ಸಂಖ್ಯೆ ಗಣನೀಯವಾಗಿದೆ.

ಈ ಮತಗಳನ್ನು ಸೆಳೆಯಲು ಎರಡೂ ಪಕ್ಷಗಳು ತಂತ್ರ ರೂಪಿಸಿವೆ. ಜೆಡಿಎಸ್ ನಾಯಕರು ಅಲ್ಪಸಂಖ್ಯಾತ ಮುಖಂಡರ ಸಭೆ ನಡೆಸಿದ್ದಾರೆ. ಕಾಂಗ್ರೆಸ್ ಕೂಡ ಸಚಿವ ಜಮೀರ್ ಅಹ್ಮದ್ ಅವರನ್ನು ಪ್ರಚಾರಕ್ಕೆ ಇಳಿಸಿದೆ.

ಚನ್ನಪಟ್ಟಣದಲ್ಲಿ ಸುಮಾರು 2.3 ಲಕ್ಷ ಮತದಾರರಿದ್ದು, ಒಕ್ಕಲಿಗ ಸಮುದಾಯದ ಮತಗಳು ಬಹುಸಂಖ್ಯೆಯಲ್ಲಿವೆ. ಮುಸ್ಲಿಂ ಹಾಗೂ ದಲಿತ ಮತಗಳು ನಿರ್ಣಾಯಕವಾಗಲಿವೆ ಎಂದು ವಿಶ್ಲೇಷಿಸಲಾಗಿದೆ.

ಕಾಂಗ್ರೆಸ್ ಅಭ್ಯರ್ಥಿ ಸಿ.ಪಿ.ಯೋಗೇಶ್ವರ್ ಹಾಗೂ ಎನ್‌ಡಿಎ ಅಭ್ಯರ್ಥಿ ನಿಖಿಲ್ ಕುಮಾರಸ್ವಾಮಿ ನಡುವೆ ನೇರ ಹಣಾಹಣಿ ಏರ್ಪಟ್ಟಿದೆ. ಕ್ಷೇತ್ರದಲ್ಲಿ ಮುಸ್ಲಿಂ ಮತದಾರರ ಸಂಖ್ಯೆ ಗಣನೀಯವಾಗಿದೆ.
